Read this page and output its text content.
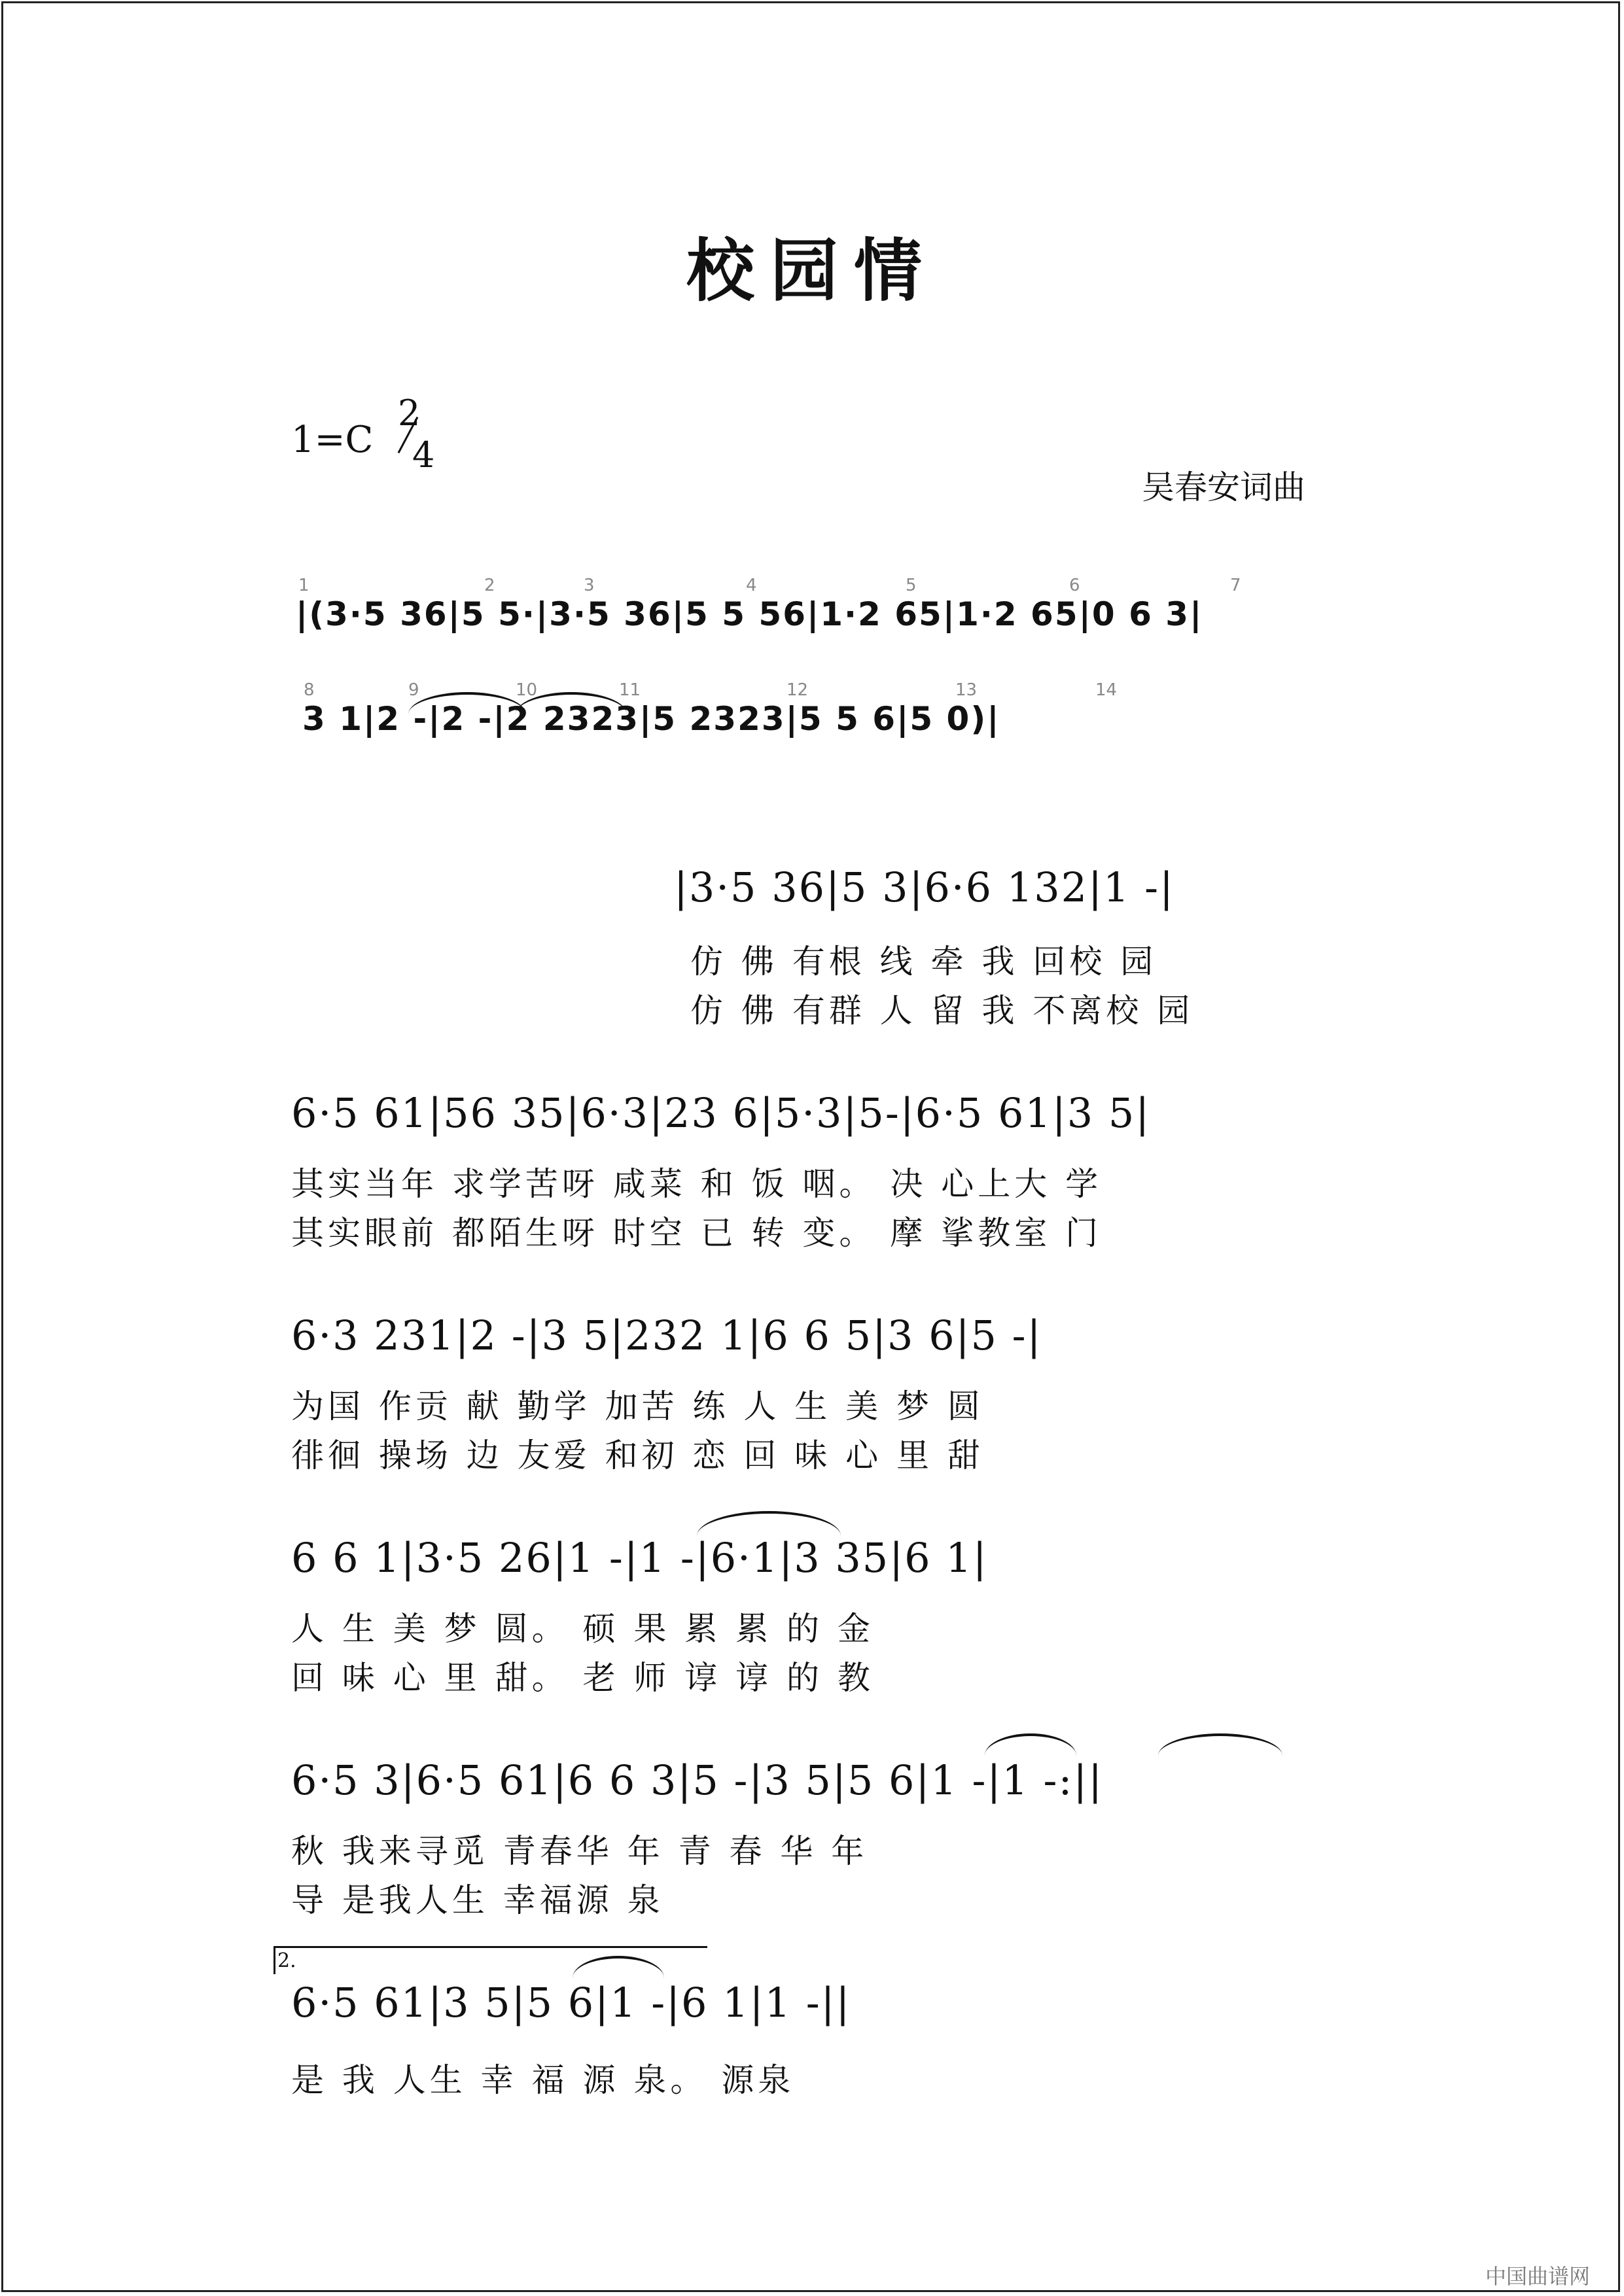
校园情
1=C
2
4
吴春安词曲
1	2	3	4	5	6	7
8	9	10	11	12	13	14
|(3·5 36|5 5·|3·5 36|5 5 56|1·2 65|1·2 65|0 6 3|
3 1|2 -|2 -|2 2323|5 2323|5 5 6|5 0)|
|3·5 36|5 3|6·6 132|1 -|
仿 佛 有根 线 牵 我 回校 园
仿 佛 有群 人 留 我 不离校 园
6·5 61|56 35|6·3|23 6|5·3|5-|6·5 61|3 5|
其实当年 求学苦呀 咸菜 和 饭 咽。 决 心上大 学
其实眼前 都陌生呀 时空 已 转 变。 摩 挲教室 门
6·3 231|2 -|3 5|232 1|6 6 5|3 6|5 -|
为国 作贡 献 勤学 加苦 练 人 生 美 梦 圆
徘徊 操场 边 友爱 和初 恋 回 味 心 里 甜
6 6 1|3·5 26|1 -|1 -|6·1|3 35|6 1|
人 生 美 梦 圆。 硕 果 累 累 的 金
回 味 心 里 甜。 老 师 谆 谆 的 教
6·5 3|6·5 61|6 6 3|5 -|3 5|5 6|1 -|1 -:||
秋 我来寻觅 青春华 年 青 春 华 年
导 是我人生 幸福源 泉
2.
6·5 61|3 5|5 6|1 -|6 1|1 -||
是 我 人生 幸 福 源 泉。 源泉
中国曲谱网
